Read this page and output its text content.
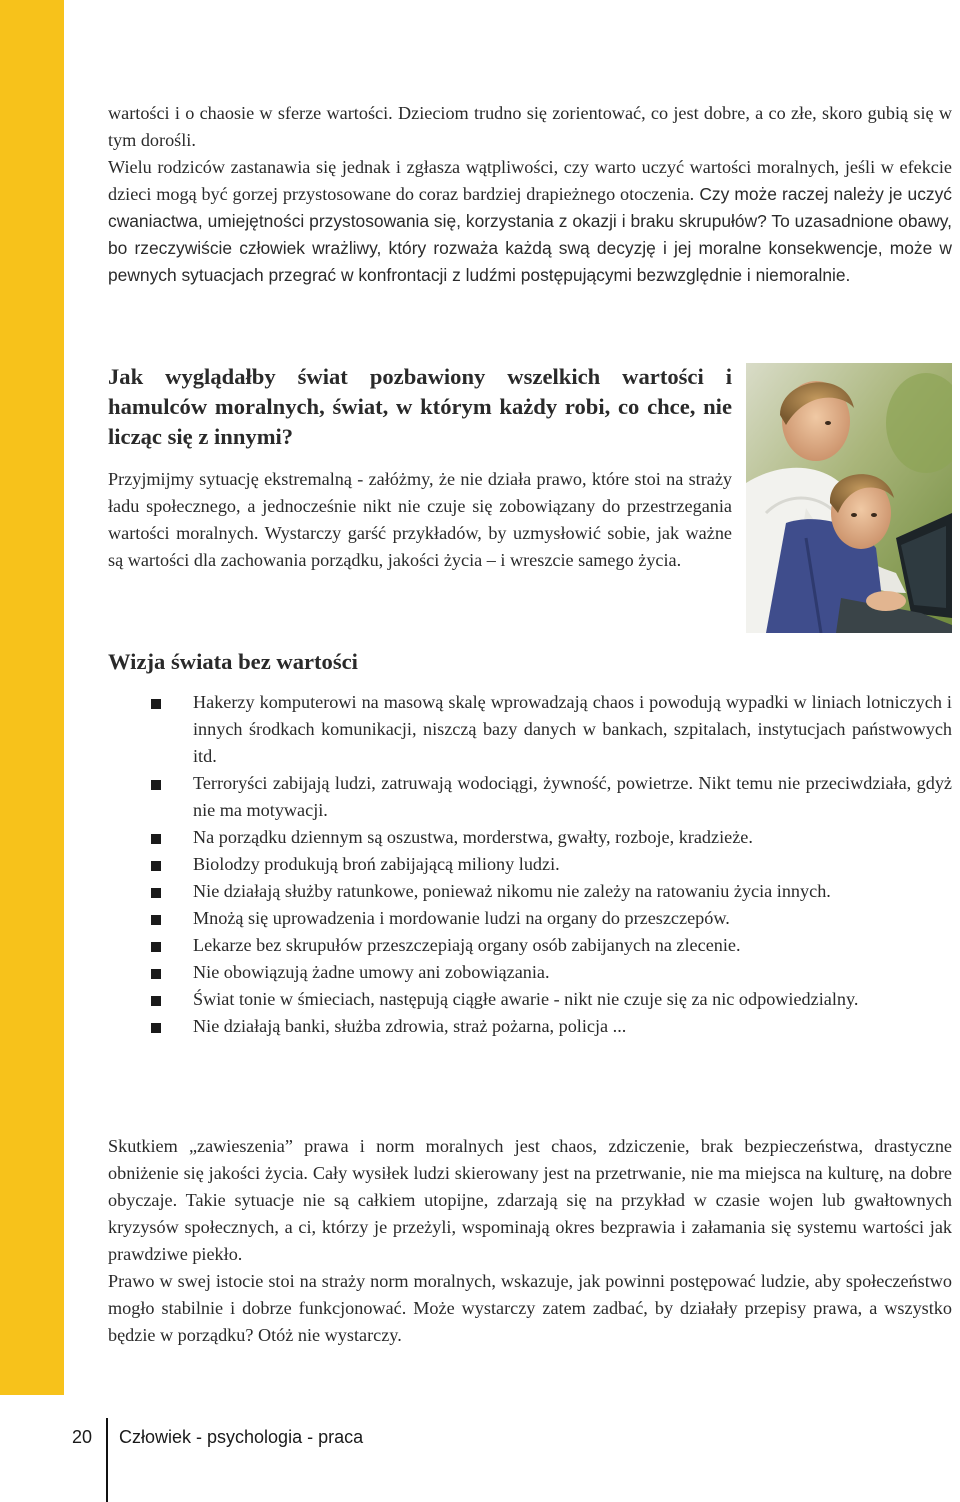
wartości i o chaosie w sferze wartości. Dzieciom trudno się zorientować, co jest dobre, a co złe, skoro gubią się w tym dorośli.

Wielu rodziców zastanawia się jednak i zgłasza wątpliwości, czy warto uczyć wartości moralnych, jeśli w efekcie dzieci mogą być gorzej przystosowane do coraz bardziej drapieżnego otoczenia. Czy może raczej należy je uczyć cwaniactwa, umiejętności przystosowania się, korzystania z okazji i braku skrupułów? To uzasadnione obawy, bo rzeczywiście człowiek wrażliwy, który rozważa każdą swą decyzję i jej moralne konsekwencje, może w pewnych sytuacjach przegrać w konfrontacji z ludźmi postępującymi bezwzględnie i niemoralnie.

Jak wyglądałby świat pozbawiony wszelkich wartości i hamulców moralnych, świat, w którym każdy robi, co chce, nie licząc się z innymi?

Przyjmijmy sytuację ekstremalną - załóżmy, że nie działa prawo, które stoi na straży ładu społecznego, a jednocześnie nikt nie czuje się zobowiązany do przestrzegania wartości moralnych. Wystarczy garść przykładów, by uzmysłowić sobie, jak ważne są wartości dla zachowania porządku, jakości życia – i wreszcie samego życia.

Wizja świata bez wartości
Hakerzy komputerowi na masową skalę wprowadzają chaos i powodują wypadki w liniach lotniczych i innych środkach komunikacji, niszczą bazy danych w bankach, szpitalach, instytucjach państwowych itd.
Terroryści zabijają ludzi, zatruwają wodociągi, żywność, powietrze. Nikt temu nie przeciwdziała, gdyż nie ma motywacji.
Na porządku dziennym są oszustwa, morderstwa, gwałty, rozboje, kradzieże.
Biolodzy produkują broń zabijającą miliony ludzi.
Nie działają służby ratunkowe, ponieważ nikomu nie zależy na ratowaniu życia innych.
Mnożą się uprowadzenia i mordowanie ludzi na organy do przeszczepów.
Lekarze bez skrupułów przeszczepiają organy osób zabijanych na zlecenie.
Nie obowiązują żadne umowy ani zobowiązania.
Świat tonie w śmieciach, następują ciągłe awarie - nikt nie czuje się za nic odpowiedzialny.
Nie działają banki, służba zdrowia, straż pożarna, policja ...

Skutkiem „zawieszenia” prawa i norm moralnych jest chaos, zdziczenie, brak bezpieczeństwa, drastyczne obniżenie się jakości życia. Cały wysiłek ludzi skierowany jest na przetrwanie, nie ma miejsca na kulturę, na dobre obyczaje. Takie sytuacje nie są całkiem utopijne, zdarzają się na przykład w czasie wojen lub gwałtownych kryzysów społecznych, a ci, którzy je przeżyli, wspominają okres bezprawia i załamania się systemu wartości jak prawdziwe piekło.

Prawo w swej istocie stoi na straży norm moralnych, wskazuje, jak powinni postępować ludzie, aby społeczeństwo mogło stabilnie i dobrze funkcjonować. Może wystarczy zatem zadbać, by działały przepisy prawa, a wszystko będzie w porządku? Otóż nie wystarczy.

20 Człowiek - psychologia - praca
